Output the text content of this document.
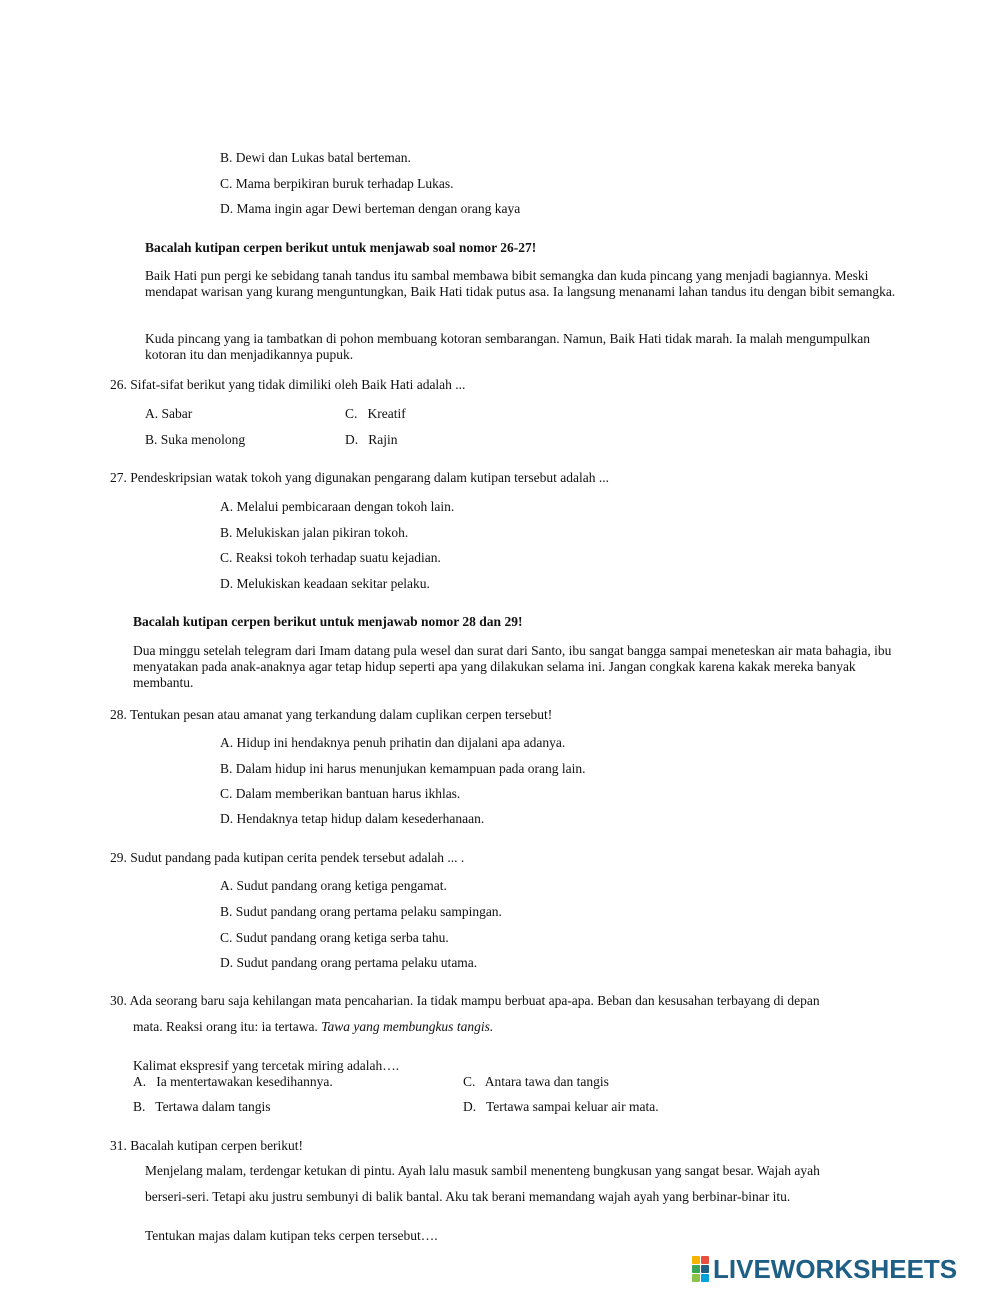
B. Dewi dan Lukas batal berteman.
C. Mama berpikiran buruk terhadap Lukas.
D. Mama ingin agar Dewi berteman dengan orang kaya
Bacalah kutipan cerpen berikut untuk menjawab soal nomor 26-27!
Baik Hati pun pergi ke sebidang tanah tandus itu sambal membawa bibit semangka dan kuda pincang yang menjadi bagiannya. Meski mendapat warisan yang kurang menguntungkan, Baik Hati tidak putus asa. Ia langsung menanami lahan tandus itu dengan bibit semangka.
Kuda pincang yang ia tambatkan di pohon membuang kotoran sembarangan. Namun, Baik Hati tidak marah. Ia malah mengumpulkan kotoran itu dan menjadikannya pupuk.
26. Sifat-sifat berikut yang tidak dimiliki oleh Baik Hati adalah ...
A. Sabar	C.   Kreatif
B. Suka menolong	D.   Rajin
27. Pendeskripsian watak tokoh yang digunakan pengarang dalam kutipan tersebut adalah ...
A. Melalui pembicaraan dengan tokoh lain.
B. Melukiskan jalan pikiran tokoh.
C. Reaksi tokoh terhadap suatu kejadian.
D. Melukiskan keadaan sekitar pelaku.
Bacalah kutipan cerpen berikut untuk menjawab nomor 28 dan 29!
Dua minggu setelah telegram dari Imam datang pula wesel dan surat dari Santo, ibu sangat bangga sampai meneteskan air mata bahagia, ibu menyatakan pada anak-anaknya agar tetap hidup seperti apa yang dilakukan selama ini. Jangan congkak karena kakak mereka banyak membantu.
28. Tentukan pesan atau amanat yang terkandung dalam cuplikan cerpen tersebut!
A. Hidup ini hendaknya penuh prihatin dan dijalani apa adanya.
B. Dalam hidup ini harus menunjukan kemampuan pada orang lain.
C. Dalam memberikan bantuan harus ikhlas.
D. Hendaknya tetap hidup dalam kesederhanaan.
29. Sudut pandang pada kutipan cerita pendek tersebut adalah ... .
A. Sudut pandang orang ketiga pengamat.
B. Sudut pandang orang pertama pelaku sampingan.
C. Sudut pandang orang ketiga serba tahu.
D. Sudut pandang orang pertama pelaku utama.
30. Ada seorang baru saja kehilangan mata pencaharian. Ia tidak mampu berbuat apa-apa. Beban dan kesusahan terbayang di depan
mata. Reaksi orang itu: ia tertawa. Tawa yang membungkus tangis.
Kalimat ekspresif yang tercetak miring adalah….
A.   Ia mentertawakan kesedihannya.	C.   Antara tawa dan tangis
B.   Tertawa dalam tangis	D.   Tertawa sampai keluar air mata.
31. Bacalah kutipan cerpen berikut!
Menjelang malam, terdengar ketukan di pintu. Ayah lalu masuk sambil menenteng bungkusan yang sangat besar. Wajah ayah
berseri-seri. Tetapi aku justru sembunyi di balik bantal. Aku tak berani memandang wajah ayah yang berbinar-binar itu.
Tentukan majas dalam kutipan teks cerpen tersebut….
LIVEWORKSHEETS
